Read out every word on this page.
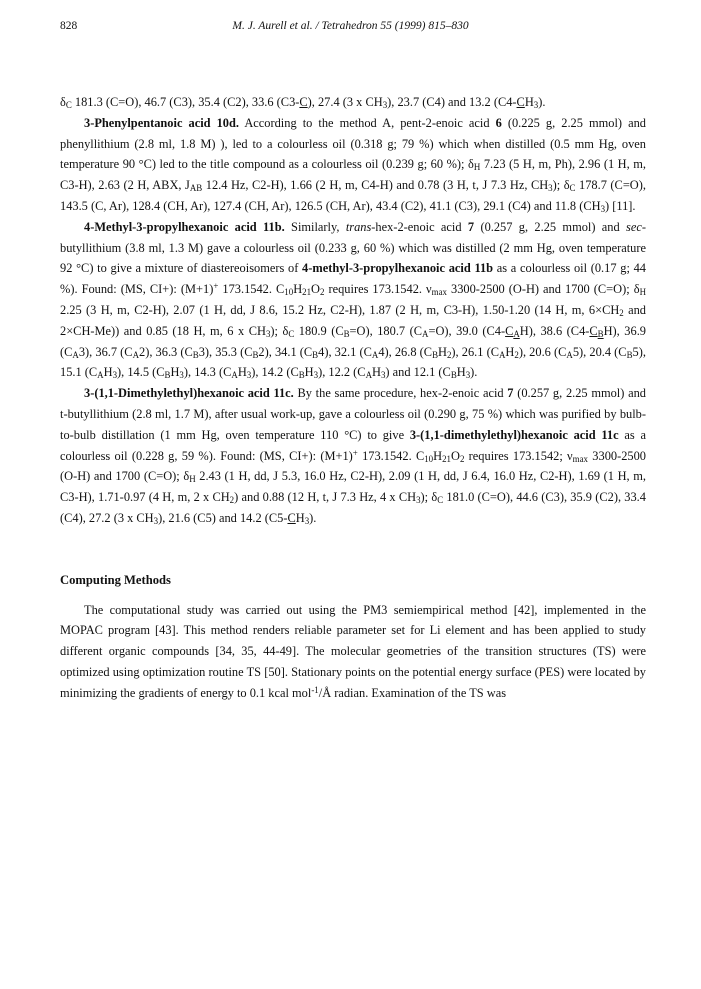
828	M. J. Aurell et al. / Tetrahedron 55 (1999) 815–830

$\delta_C$ 181.3 (C=O), 46.7 (C3), 35.4 (C2), 33.6 (C3-C), 27.4 (3 x $CH_3$), 23.7 (C4) and 13.2 $(C4-CH_3)$.

3-Phenylpentanoic acid 10d. According to the method A, pent-2-enoic acid 6 (0.225 g, 2.25 mmol) and phenyllithium (2.8 ml, 1.8 M) ), led to a colourless oil (0.318 g; 79 %) which when distilled (0.5 mm Hg, oven temperature 90 °C) led to the title compound as a colourless oil (0.239 g; 60 %); $\delta_H$ 7.23 (5 H, m, Ph), 2.96 (1 H, m, C3-H), 2.63 (2 H, ABX, $J_{AB}$ 12.4 Hz, C2-H), 1.66 (2 H, m, C4-H) and 0.78 (3 H, t, J 7.3 Hz, $CH_3$); $\delta_C$ 178.7 (C=O), 143.5 (C, Ar), 128.4 (CH, Ar), 127.4 (CH, Ar), 126.5 (CH, Ar), 43.4 (C2), 41.1 (C3), 29.1 (C4) and 11.8 $(CH_3)$ [11].

4-Methyl-3-propylhexanoic acid 11b. Similarly, trans-hex-2-enoic acid 7 (0.257 g, 2.25 mmol) and sec-butyllithium (3.8 ml, 1.3 M) gave a colourless oil (0.233 g, 60 %) which was distilled (2 mm Hg, oven temperature 92 °C) to give a mixture of diastereoisomers of 4-methyl-3-propylhexanoic acid 11b as a colourless oil (0.17 g; 44 %). Found: (MS, CI+): (M+1)+ 173.1542. $C_{10}H_{21}O_2$ requires 173.1542. $\nu_{max}$ 3300-2500 (O-H) and 1700 (C=O); $\delta_H$ 2.25 (3 H, m, C2-H), 2.07 (1 H, dd, J 8.6, 15.2 Hz, C2-H), 1.87 (2 H, m, C3-H), 1.50-1.20 (14 H, m, $6\times CH_2$ and 2×CH-Me)) and 0.85 (18 H, m, 6 x $CH_3$); $\delta_C$ 180.9 $(C_B=O)$, 180.7 $(C_A=O)$, 39.0 $(C4-C_AH)$, 38.6 $(C4-C_BH)$, 36.9 $(C_A3)$, 36.7 $(C_A2)$, 36.3 $(C_B3)$, 35.3 $(C_B2)$, 34.1 $(C_B4)$, 32.1 $(C_A4)$, 26.8 $(C_BH_2)$, 26.1 $(C_AH_2)$, 20.6 $(C_A5)$, 20.4 $(C_B5)$, 15.1 $(C_AH_3)$, 14.5 $(C_BH_3)$, 14.3 $(C_AH_3)$, 14.2 $(C_BH_3)$, 12.2 $(C_AH_3)$ and 12.1 $(C_BH_3)$.

3-(1,1-Dimethylethyl)hexanoic acid 11c. By the same procedure, hex-2-enoic acid 7 (0.257 g, 2.25 mmol) and t-butyllithium (2.8 ml, 1.7 M), after usual work-up, gave a colourless oil (0.290 g, 75 %) which was purified by bulb-to-bulb distillation (1 mm Hg, oven temperature 110 °C) to give 3-(1,1-dimethylethyl)hexanoic acid 11c as a colourless oil (0.228 g, 59 %). Found: (MS, CI+): (M+1)+ 173.1542. $C_{10}H_{21}O_2$ requires 173.1542; $\nu_{max}$ 3300-2500 (O-H) and 1700 (C=O); $\delta_H$ 2.43 (1 H, dd, J 5.3, 16.0 Hz, C2-H), 2.09 (1 H, dd, J 6.4, 16.0 Hz, C2-H), 1.69 (1 H, m, C3-H), 1.71-0.97 (4 H, m, 2 x $CH_2$) and 0.88 (12 H, t, J 7.3 Hz, 4 x $CH_3$); $\delta_C$ 181.0 (C=O), 44.6 (C3), 35.9 (C2), 33.4 (C4), 27.2 (3 x $CH_3$), 21.6 (C5) and 14.2 $(C5-CH_3)$.

Computing Methods

The computational study was carried out using the PM3 semiempirical method [42], implemented in the MOPAC program [43]. This method renders reliable parameter set for Li element and has been applied to study different organic compounds [34, 35, 44-49]. The molecular geometries of the transition structures (TS) were optimized using optimization routine TS [50]. Stationary points on the potential energy surface (PES) were located by minimizing the gradients of energy to 0.1 kcal mol$^{-1}$/Å radian. Examination of the TS was
